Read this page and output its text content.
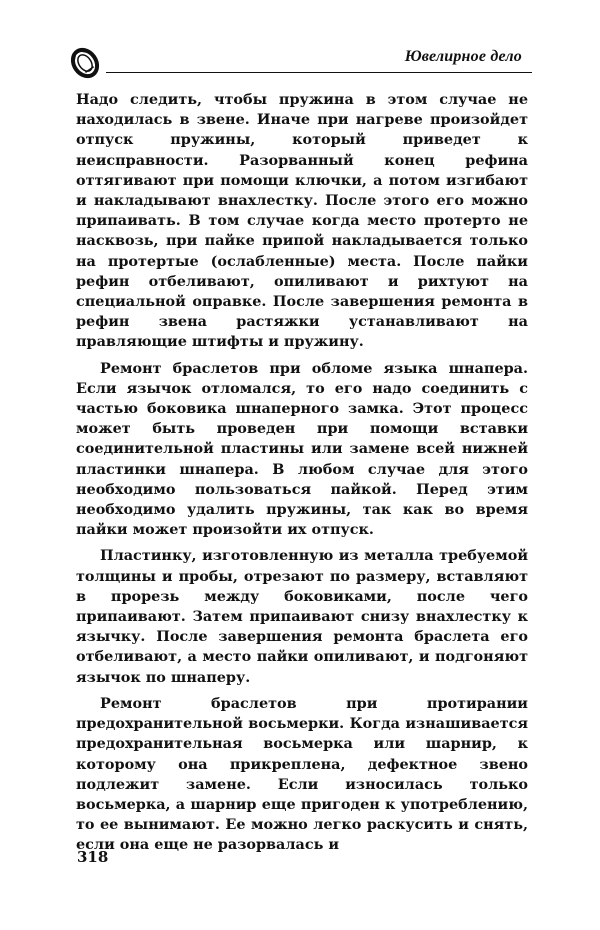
Ювелирное дело

Надо следить, чтобы пружина в этом случае не находилась в звене. Иначе при нагреве произойдет отпуск пружины, который приведет к неисправности. Разорванный конец рефина оттягивают при помощи ключки, а потом изгибают и накладывают внахлестку. После этого его можно припаивать. В том случае когда место протерто не насквозь, при пайке припой накладывается только на протертые (ослабленные) места. После пайки рефин отбеливают, опиливают и рихтуют на специальной оправке. После завершения ремонта в рефин звена растяжки устанавливают на правляющие штифты и пружину.

Ремонт браслетов при обломе языка шнапера. Если язычок отломался, то его надо соединить с частью боковика шнаперного замка. Этот процесс может быть проведен при помощи вставки соединительной пластины или замене всей нижней пластинки шнапера. В любом случае для этого необходимо пользоваться пайкой. Перед этим необходимо удалить пружины, так как во время пайки может произойти их отпуск.

Пластинку, изготовленную из металла требуемой толщины и пробы, отрезают по размеру, вставляют в прорезь между боковиками, после чего припаивают. Затем припаивают снизу внахлестку к язычку. После завершения ремонта браслета его отбеливают, а место пайки опиливают, и подгоняют язычок по шнаперу.

Ремонт браслетов при протирании предохранительной восьмерки. Когда изнашивается предохранительная восьмерка или шарнир, к которому она прикреплена, дефектное звено подлежит замене. Если износилась только восьмерка, а шарнир еще пригоден к употреблению, то ее вынимают. Ее можно легко раскусить и снять, если она еще не разорвалась и

318
